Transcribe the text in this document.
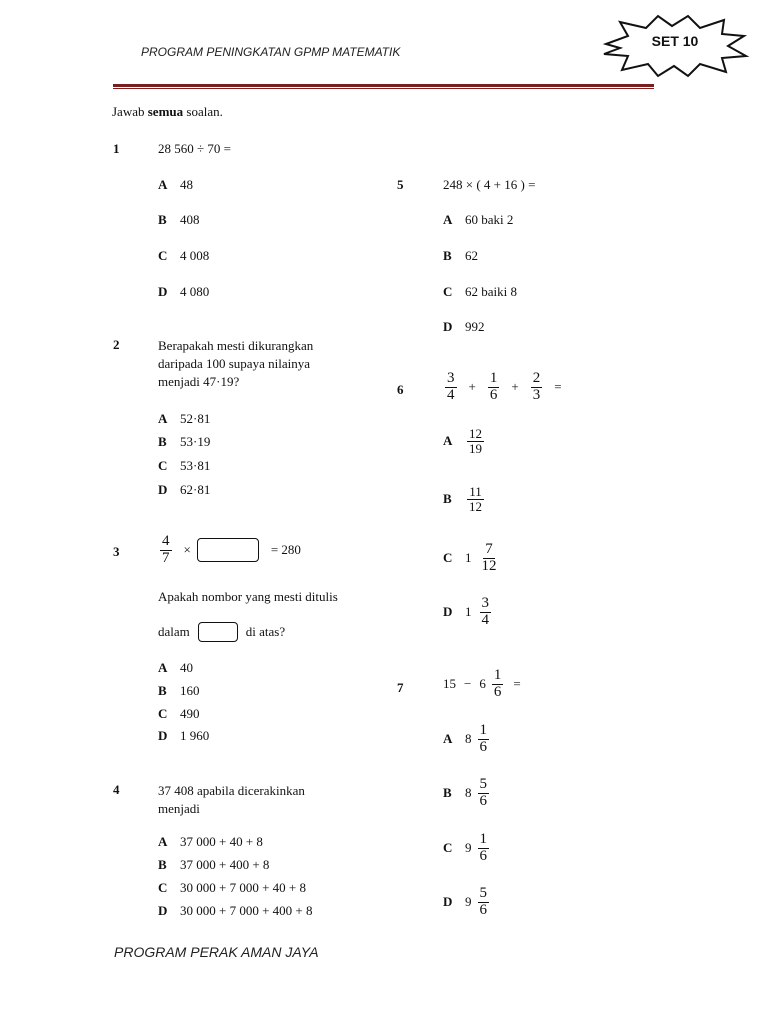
PROGRAM PENINGKATAN GPMP MATEMATIK
SET 10
Jawab semua soalan.
1	28 560 ÷ 70 =
A 48
B 408
C 4 008
D 4 080
2	Berapakah mesti dikurangkan
daripada 100 supaya nilainya
menjadi 47·19?
A 52·81
B 53·19
C 53·81
D 62·81
3	$\frac{4}{7}$ ×	= 280
Apakah nombor yang mesti ditulis
dalam	di atas?
A 40
B 160
C 490
D 1 960
4	37 408 apabila dicerakinkan
menjadi
A 37 000 + 40 + 8
B 37 000 + 400 + 8
C 30 000 + 7 000 + 40 + 8
D 30 000 + 7 000 + 400 + 8
5	248 × ( 4 + 16 ) =
A 60 baki 2
B 62
C 62 baiki 8
D 992
6	$\frac{3}{4} + \frac{1}{6} + \frac{2}{3}$ =
A	$\frac{12}{19}$
B	$\frac{11}{12}$
C $1 \frac{7}{12}$
D $1 \frac{3}{4}$
7	$15 - 6 \frac{1}{6}$ =
A $8 \frac{1}{6}$
B	$8 \frac{5}{6}$
C $9 \frac{1}{6}$
D $9 \frac{5}{6}$
PROGRAM PERAK AMAN JAYA
